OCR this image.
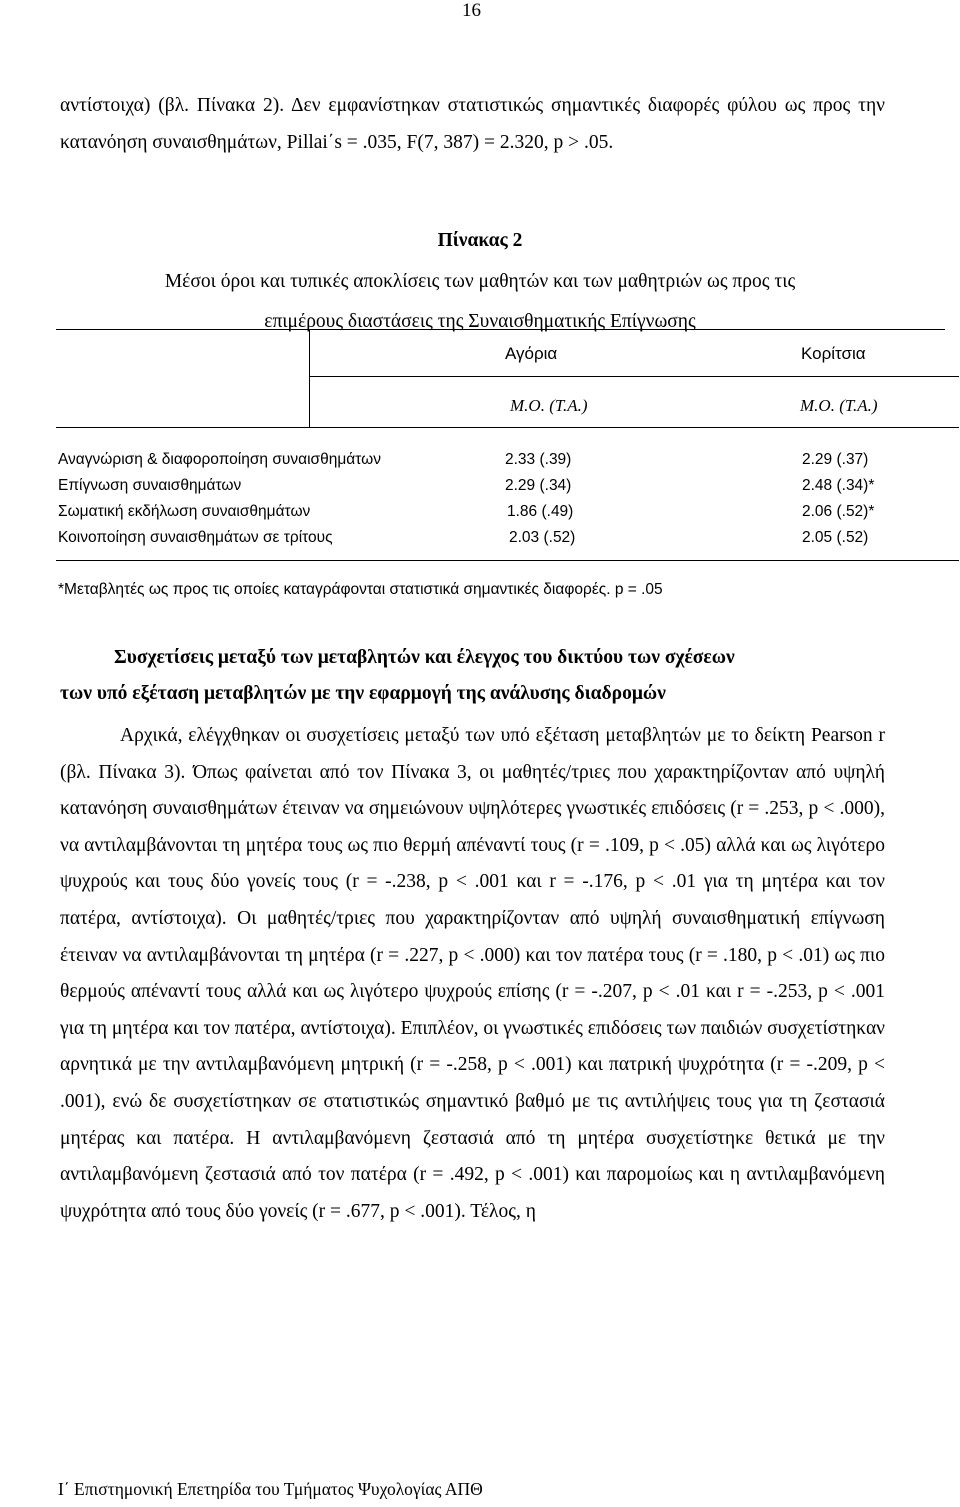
16

αντίστοιχα) (βλ. Πίνακα 2). Δεν εμφανίστηκαν στατιστικώς σημαντικές διαφορές φύλου ως προς την κατανόηση συναισθημάτων, Pillai΄s = .035, F(7, 387) = 2.320, p > .05.

Πίνακας 2
Μέσοι όροι και τυπικές αποκλίσεις των μαθητών και των μαθητριών ως προς τις
επιμέρους διαστάσεις της Συναισθηματικής Επίγνωσης
Αγόρια	Κορίτσια
Μ.Ο. (Τ.Α.)	Μ.Ο. (Τ.Α.)
Αναγνώριση & διαφοροποίηση συναισθημάτων	2.33 (.39)	2.29 (.37)
Επίγνωση συναισθημάτων	2.29 (.34)	2.48 (.34)*
Σωματική εκδήλωση συναισθημάτων	1.86 (.49)	2.06 (.52)*
Κοινοποίηση συναισθημάτων σε τρίτους	2.03 (.52)	2.05 (.52)
*Μεταβλητές ως προς τις οποίες καταγράφονται στατιστικά σημαντικές διαφορές. p = .05

Συσχετίσεις μεταξύ των μεταβλητών και έλεγχος του δικτύου των σχέσεων

των υπό εξέταση μεταβλητών με την εφαρμογή της ανάλυσης διαδρομών

Αρχικά, ελέγχθηκαν οι συσχετίσεις μεταξύ των υπό εξέταση μεταβλητών με το δείκτη Pearson r (βλ. Πίνακα 3). Όπως φαίνεται από τον Πίνακα 3, οι μαθητές/τριες που χαρακτηρίζονταν από υψηλή κατανόηση συναισθημάτων έτειναν να σημειώνουν υψηλότερες γνωστικές επιδόσεις (r = .253, p < .000), να αντιλαμβάνονται τη μητέρα τους ως πιο θερμή απέναντί τους (r = .109, p < .05) αλλά και ως λιγότερο ψυχρούς και τους δύο γονείς τους (r = -.238, p < .001 και r = -.176, p < .01 για τη μητέρα και τον πατέρα, αντίστοιχα). Οι μαθητές/τριες που χαρακτηρίζονταν από υψηλή συναισθηματική επίγνωση έτειναν να αντιλαμβάνονται τη μητέρα (r = .227, p < .000) και τον πατέρα τους (r = .180, p < .01) ως πιο θερμούς απέναντί τους αλλά και ως λιγότερο ψυχρούς επίσης (r = -.207, p < .01 και r = -.253, p < .001 για τη μητέρα και τον πατέρα, αντίστοιχα). Επιπλέον, οι γνωστικές επιδόσεις των παιδιών συσχετίστηκαν αρνητικά με την αντιλαμβανόμενη μητρική (r = -.258, p < .001) και πατρική ψυχρότητα (r = -.209, p < .001), ενώ δε συσχετίστηκαν σε στατιστικώς σημαντικό βαθμό με τις αντιλήψεις τους για τη ζεστασιά μητέρας και πατέρα. Η αντιλαμβανόμενη ζεστασιά από τη μητέρα συσχετίστηκε θετικά με την αντιλαμβανόμενη ζεστασιά από τον πατέρα (r = .492, p < .001) και παρομοίως και η αντιλαμβανόμενη ψυχρότητα από τους δύο γονείς (r = .677, p < .001). Τέλος, η

Ι΄ Επιστημονική Επετηρίδα του Τμήματος Ψυχολογίας ΑΠΘ
